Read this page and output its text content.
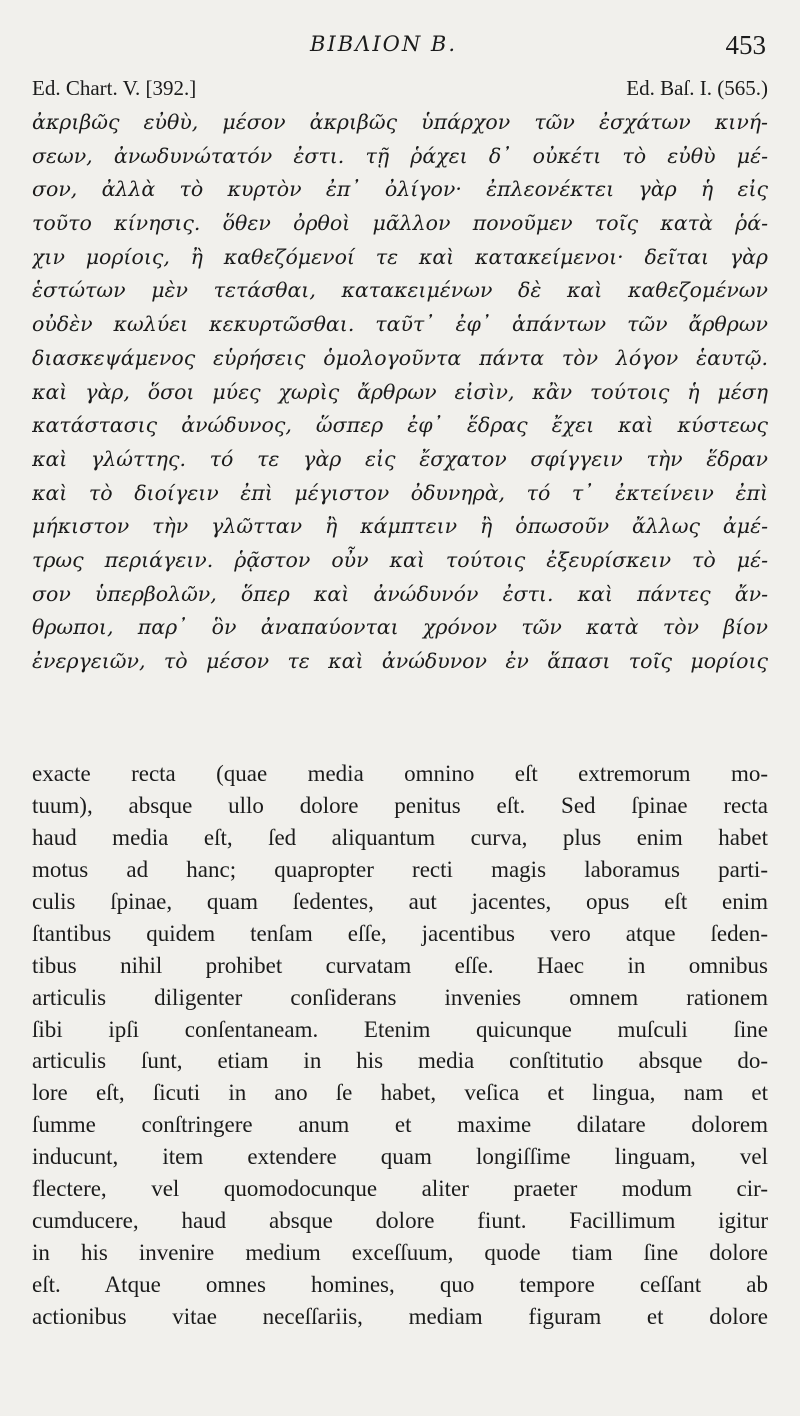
BIBΛΙΟΝ B.	453
Ed. Chart. V. [392.]	Ed. Baſ. I. (565.)
ἀκριβῶς εὐθὺ, μέσον ἀκριβῶς ὑπάρχον τῶν ἐσχάτων κινή-
σεων, ἀνωδυνώτατόν ἐστι. τῇ ῥάχει δ᾽ οὐκέτι τὸ εὐθὺ μέ-
σον, ἀλλὰ τὸ κυρτὸν ἐπ᾽ ὀλίγον· ἐπλεονέκτει γὰρ ἡ εἰς
τοῦτο κίνησις. ὅθεν ὀρθοὶ μᾶλλον πονοῦμεν τοῖς κατὰ ῥά-
χιν μορίοις, ἢ καθεζόμενοί τε καὶ κατακείμενοι· δεῖται γὰρ
ἑστώτων μὲν τετάσθαι, κατακειμένων δὲ καὶ καθεζομένων
οὐδὲν κωλύει κεκυρτῶσθαι. ταῦτ᾽ ἐφ᾽ ἁπάντων τῶν ἄρθρων
διασκεψάμενος εὑρήσεις ὁμολογοῦντα πάντα τὸν λόγον ἑαυτῷ.
καὶ γὰρ, ὅσοι μύες χωρὶς ἄρθρων εἰσὶν, κἂν τούτοις ἡ μέση
κατάστασις ἀνώδυνος, ὥσπερ ἐφ᾽ ἕδρας ἔχει καὶ κύστεως
καὶ γλώττης. τό τε γὰρ εἰς ἔσχατον σφίγγειν τὴν ἕδραν
καὶ τὸ διοίγειν ἐπὶ μέγιστον ὀδυνηρὰ, τό τ᾽ ἐκτείνειν ἐπὶ
μήκιστον τὴν γλῶτταν ἢ κάμπτειν ἢ ὁπωσοῦν ἄλλως ἀμέ-
τρως περιάγειν. ῥᾷστον οὖν καὶ τούτοις ἐξευρίσκειν τὸ μέ-
σον ὑπερβολῶν, ὅπερ καὶ ἀνώδυνόν ἐστι. καὶ πάντες ἄν-
θρωποι, παρ᾽ ὃν ἀναπαύονται χρόνον τῶν κατὰ τὸν βίον
ἐνεργειῶν, τὸ μέσον τε καὶ ἀνώδυνον ἐν ἅπασι τοῖς μορίοις
exacte recta (quae media omnino eſt extremorum mo-
tuum), absque ullo dolore penitus eſt. Sed ſpinae recta
haud media eſt, ſed aliquantum curva, plus enim habet
motus ad hanc; quapropter recti magis laboramus parti-
culis ſpinae, quam ſedentes, aut jacentes, opus eſt enim
ſtantibus quidem tenſam eſſe, jacentibus vero atque ſeden-
tibus nihil prohibet curvatam eſſe. Haec in omnibus
articulis diligenter conſiderans invenies omnem rationem
ſibi ipſi conſentaneam. Etenim quicunque muſculi ſine
articulis ſunt, etiam in his media conſtitutio absque do-
lore eſt, ſicuti in ano ſe habet, veſica et lingua, nam et
ſumme conſtringere anum et maxime dilatare dolorem
inducunt, item extendere quam longiſſime linguam, vel
flectere, vel quomodocunque aliter praeter modum cir-
cumducere, haud absque dolore fiunt. Facillimum igitur
in his invenire medium exceſſuum, quode tiam ſine dolore
eſt. Atque omnes homines, quo tempore ceſſant ab
actionibus vitae neceſſariis, mediam figuram et dolore
